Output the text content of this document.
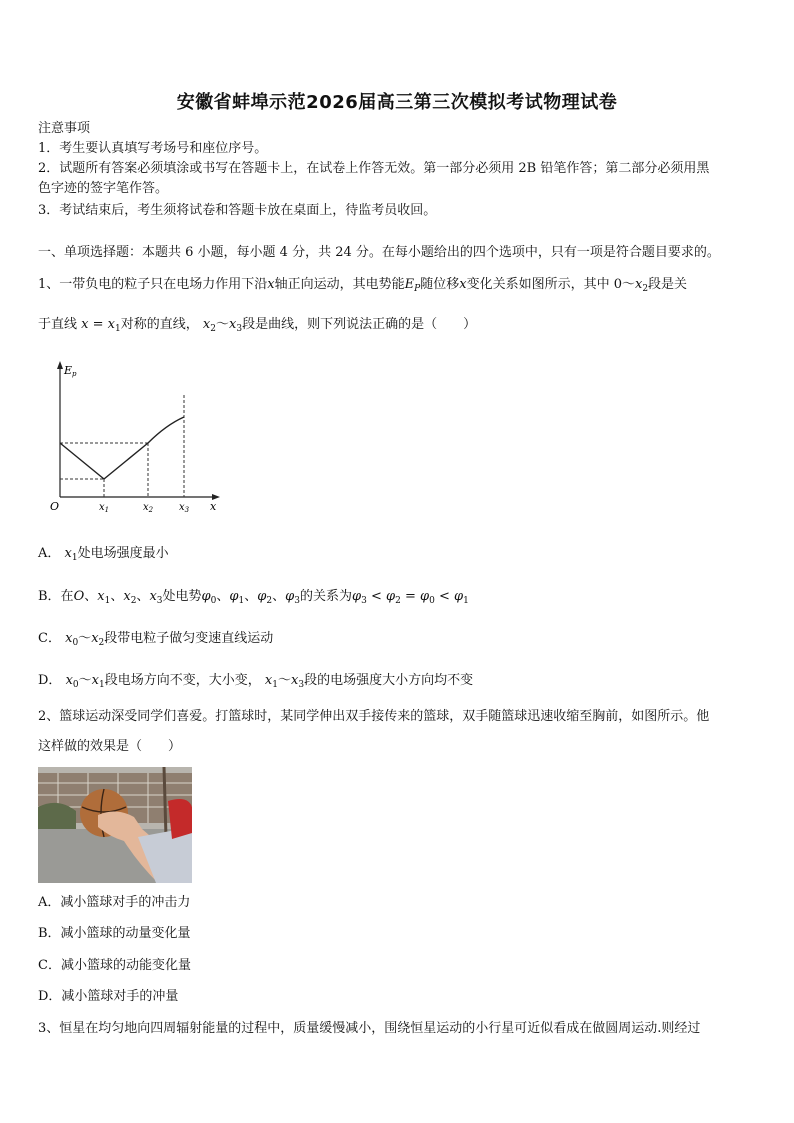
安徽省蚌埠示范2026届高三第三次模拟考试物理试卷
注意事项
1．考生要认真填写考场号和座位序号。
2．试题所有答案必须填涂或书写在答题卡上，在试卷上作答无效。第一部分必须用 2B 铅笔作答；第二部分必须用黑
色字迹的签字笔作答。
3．考试结束后，考生须将试卷和答题卡放在桌面上，待监考员收回。
一、单项选择题：本题共 6 小题，每小题 4 分，共 24 分。在每小题给出的四个选项中，只有一项是符合题目要求的。
1、一带负电的粒子只在电场力作用下沿x轴正向运动，其电势能$E_P$随位移x变化关系如图所示，其中 $0\sim x_2$段是关
于直线 $x = x_1$对称的直线， $x_2\sim x_3$段是曲线，则下列说法正确的是（　　）
Ep
O	x
$x_1$	$x_2$	$x_3$
A． $x_1$处电场强度最小
B．在O、$x_1$、$x_2$、$x_3$处电势$\varphi_0$、$\varphi_1$、$\varphi_2$、$\varphi_3$的关系为$\varphi_3 < \varphi_2 = \varphi_0 < \varphi_1$
C． $x_0\sim x_2$段带电粒子做匀变速直线运动
D． $x_0\sim x_1$段电场方向不变，大小变， $x_1\sim x_3$段的电场强度大小方向均不变
2、篮球运动深受同学们喜爱。打篮球时，某同学伸出双手接传来的篮球，双手随篮球迅速收缩至胸前，如图所示。他
这样做的效果是（　　）
A．减小篮球对手的冲击力
B．减小篮球的动量变化量
C．减小篮球的动能变化量
D．减小篮球对手的冲量
3、恒星在均匀地向四周辐射能量的过程中，质量缓慢减小，围绕恒星运动的小行星可近似看成在做圆周运动.则经过
